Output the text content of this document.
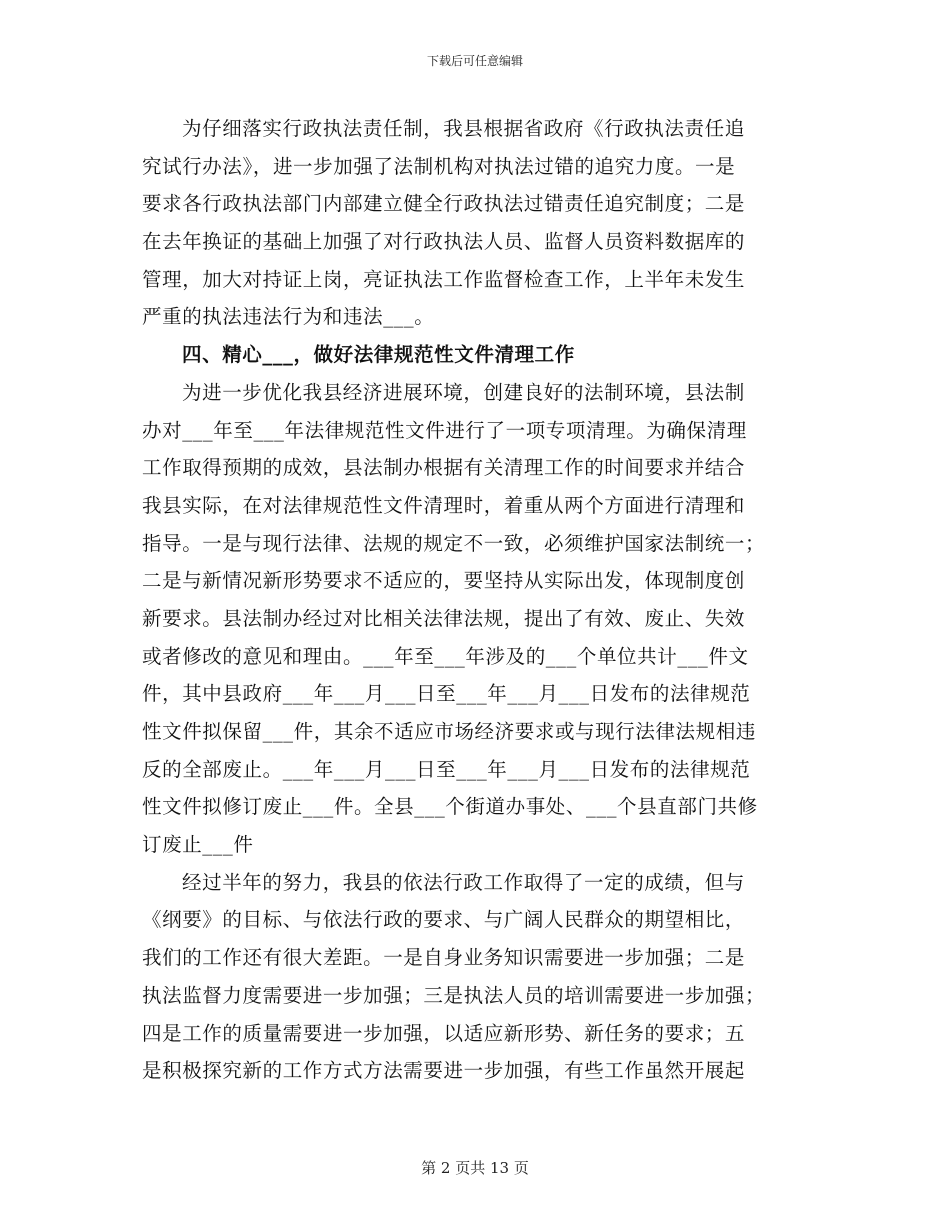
下载后可任意编辑
为仔细落实行政执法责任制，我县根据省政府《行政执法责任追
究试行办法》，进一步加强了法制机构对执法过错的追究力度。一是
要求各行政执法部门内部建立健全行政执法过错责任追究制度；二是
在去年换证的基础上加强了对行政执法人员、监督人员资料数据库的
管理，加大对持证上岗，亮证执法工作监督检查工作，上半年未发生
严重的执法违法行为和违法___。
四、精心___，做好法律规范性文件清理工作
为进一步优化我县经济进展环境，创建良好的法制环境，县法制
办对___年至___年法律规范性文件进行了一项专项清理。为确保清理
工作取得预期的成效，县法制办根据有关清理工作的时间要求并结合
我县实际，在对法律规范性文件清理时，着重从两个方面进行清理和
指导。一是与现行法律、法规的规定不一致，必须维护国家法制统一；
二是与新情况新形势要求不适应的，要坚持从实际出发，体现制度创
新要求。县法制办经过对比相关法律法规，提出了有效、废止、失效
或者修改的意见和理由。___年至___年涉及的___个单位共计___件文
件，其中县政府___年___月___日至___年___月___日发布的法律规范
性文件拟保留___件，其余不适应市场经济要求或与现行法律法规相违
反的全部废止。___年___月___日至___年___月___日发布的法律规范
性文件拟修订废止___件。全县___个街道办事处、___个县直部门共修
订废止___件
经过半年的努力，我县的依法行政工作取得了一定的成绩，但与
《纲要》的目标、与依法行政的要求、与广阔人民群众的期望相比，
我们的工作还有很大差距。一是自身业务知识需要进一步加强；二是
执法监督力度需要进一步加强；三是执法人员的培训需要进一步加强；
四是工作的质量需要进一步加强，以适应新形势、新任务的要求；五
是积极探究新的工作方式方法需要进一步加强，有些工作虽然开展起
第 2 页共 13 页
